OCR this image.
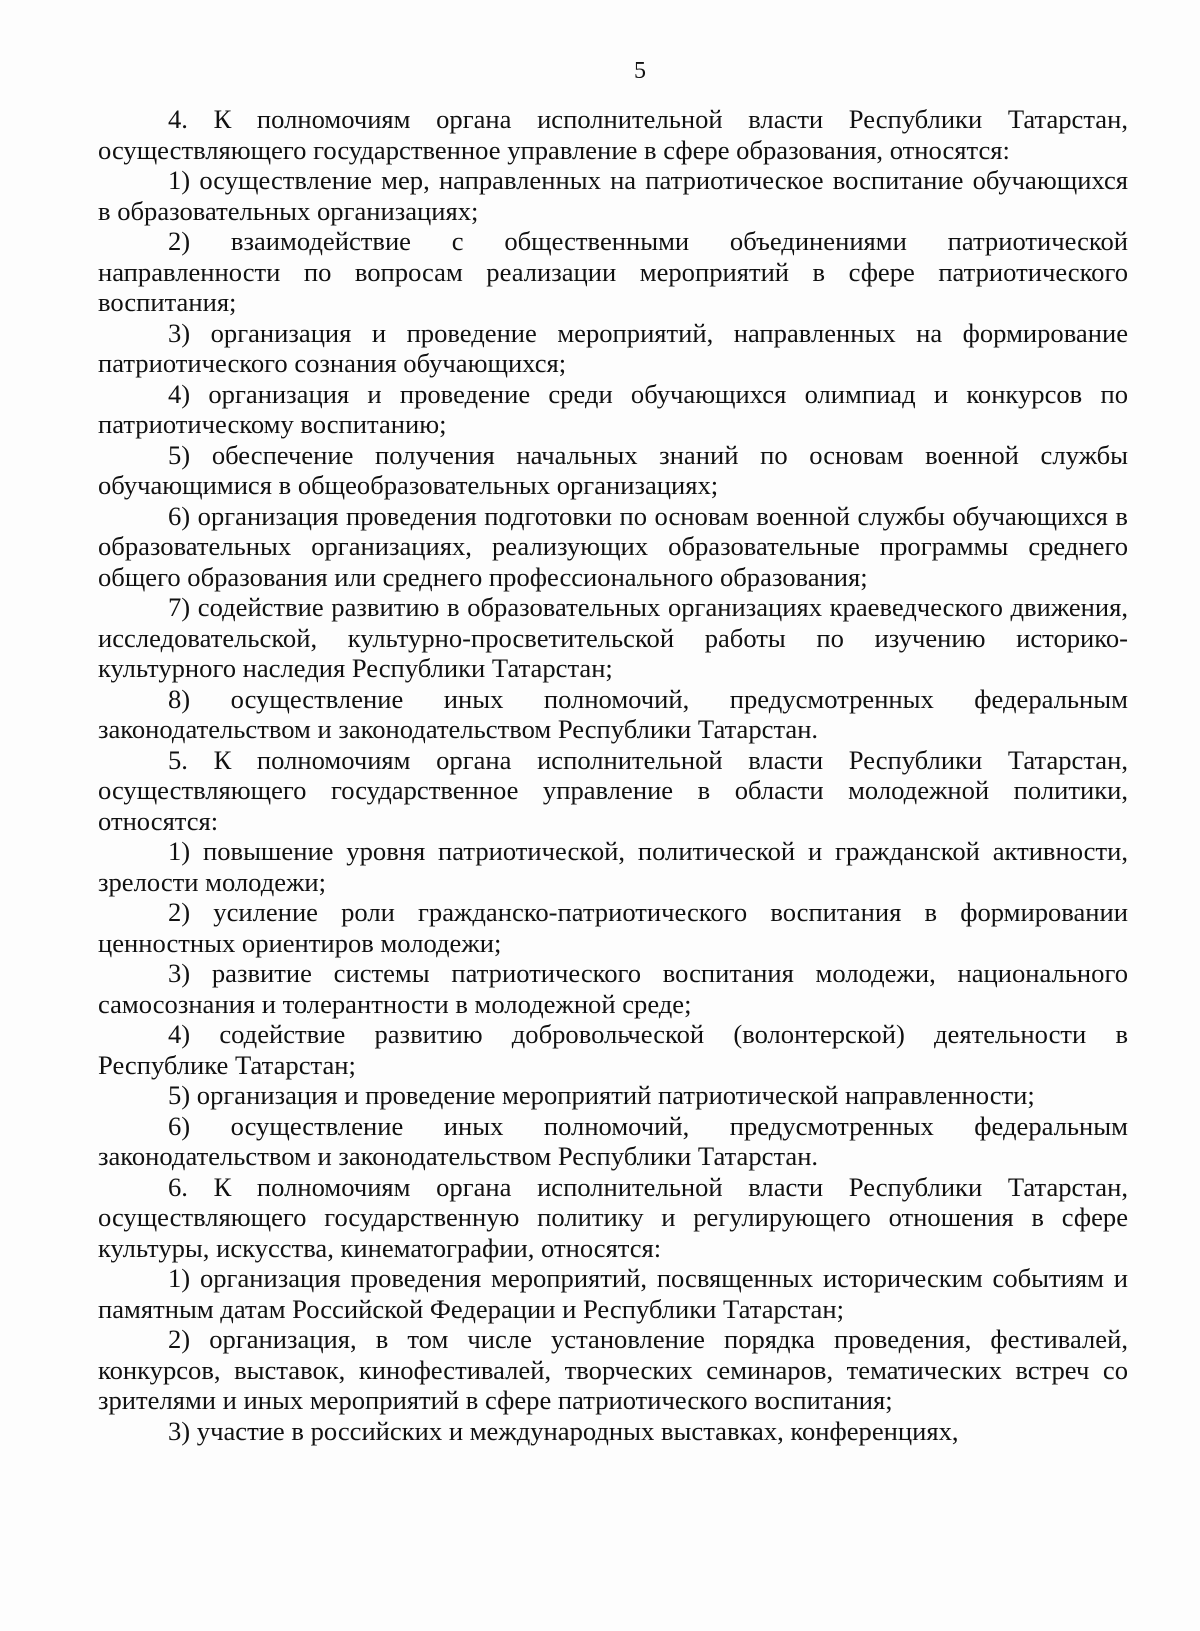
5

4. К полномочиям органа исполнительной власти Республики Татарстан, осуществляющего государственное управление в сфере образования, относятся:

1) осуществление мер, направленных на патриотическое воспитание обучающихся в образовательных организациях;

2) взаимодействие с общественными объединениями патриотической направленности по вопросам реализации мероприятий в сфере патриотического воспитания;

3) организация и проведение мероприятий, направленных на формирование патриотического сознания обучающихся;

4) организация и проведение среди обучающихся олимпиад и конкурсов по патриотическому воспитанию;

5) обеспечение получения начальных знаний по основам военной службы обучающимися в общеобразовательных организациях;

6) организация проведения подготовки по основам военной службы обучающихся в образовательных организациях, реализующих образовательные программы среднего общего образования или среднего профессионального образования;

7) содействие развитию в образовательных организациях краеведческого движения, исследовательской, культурно-просветительской работы по изучению историко-культурного наследия Республики Татарстан;

8) осуществление иных полномочий, предусмотренных федеральным законодательством и законодательством Республики Татарстан.

5. К полномочиям органа исполнительной власти Республики Татарстан, осуществляющего государственное управление в области молодежной политики, относятся:

1) повышение уровня патриотической, политической и гражданской активности, зрелости молодежи;

2) усиление роли гражданско-патриотического воспитания в формировании ценностных ориентиров молодежи;

3) развитие системы патриотического воспитания молодежи, национального самосознания и толерантности в молодежной среде;

4) содействие развитию добровольческой (волонтерской) деятельности в Республике Татарстан;

5) организация и проведение мероприятий патриотической направленности;

6) осуществление иных полномочий, предусмотренных федеральным законодательством и законодательством Республики Татарстан.

6. К полномочиям органа исполнительной власти Республики Татарстан, осуществляющего государственную политику и регулирующего отношения в сфере культуры, искусства, кинематографии, относятся:

1) организация проведения мероприятий, посвященных историческим событиям и памятным датам Российской Федерации и Республики Татарстан;

2) организация, в том числе установление порядка проведения, фестивалей, конкурсов, выставок, кинофестивалей, творческих семинаров, тематических встреч со зрителями и иных мероприятий в сфере патриотического воспитания;

3) участие в российских и международных выставках, конференциях,
